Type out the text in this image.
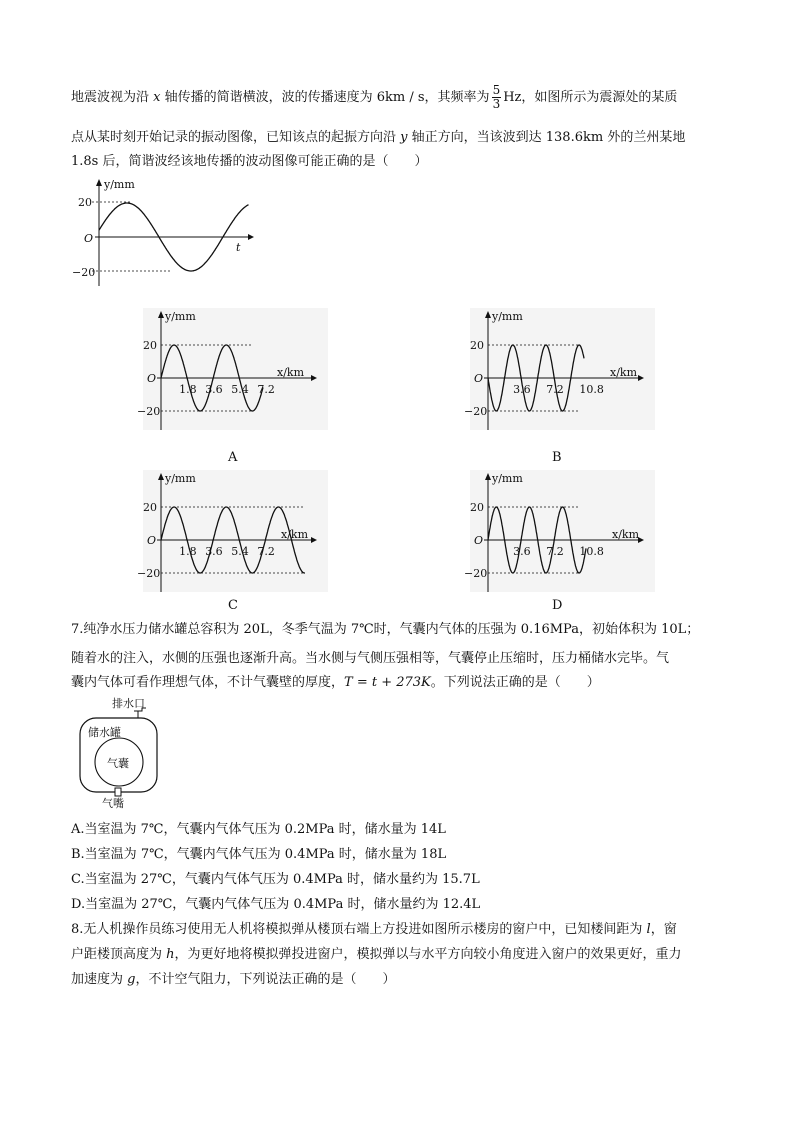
地震波视为沿 x 轴传播的简谐横波，波的传播速度为 6km / s，其频率为 $\frac{5}{3}$ Hz，如图所示为震源处的某质
点从某时刻开始记录的振动图像，已知该点的起振方向沿 y 轴正方向，当该波到达 138.6km 外的兰州某地
1.8s 后，简谐波经该地传播的波动图像可能正确的是（　　）
y/mm
t
O
20
−20
y/mm
x/km
O
20
−20
1.8 3.6 5.4 7.2
A
y/mm
x/km
O
20
−20
3.6 7.2 10.8
B
y/mm
x/km
O
20
−20
1.8 3.6 5.4 7.2
C
y/mm
x/km
O
20
−20
3.6 7.2 10.8
D
7.纯净水压力储水罐总容积为 20L，冬季气温为 7℃时，气囊内气体的压强为 0.16MPa，初始体积为 10L；
随着水的注入，水侧的压强也逐渐升高。当水侧与气侧压强相等，气囊停止压缩时，压力桶储水完毕。气
囊内气体可看作理想气体，不计气囊壁的厚度，T = t + 273K。下列说法正确的是（　　）
排水口
储水罐
气囊
气嘴
A.当室温为 7℃，气囊内气体气压为 0.2MPa 时，储水量为 14L
B.当室温为 7℃，气囊内气体气压为 0.4MPa 时，储水量为 18L
C.当室温为 27℃，气囊内气体气压为 0.4MPa 时，储水量约为 15.7L
D.当室温为 27℃，气囊内气体气压为 0.4MPa 时，储水量约为 12.4L
8.无人机操作员练习使用无人机将模拟弹从楼顶右端上方投进如图所示楼房的窗户中，已知楼间距为 l，窗
户距楼顶高度为 h，为更好地将模拟弹投进窗户，模拟弹以与水平方向较小角度进入窗户的效果更好，重力
加速度为 g，不计空气阻力，下列说法正确的是（　　）
